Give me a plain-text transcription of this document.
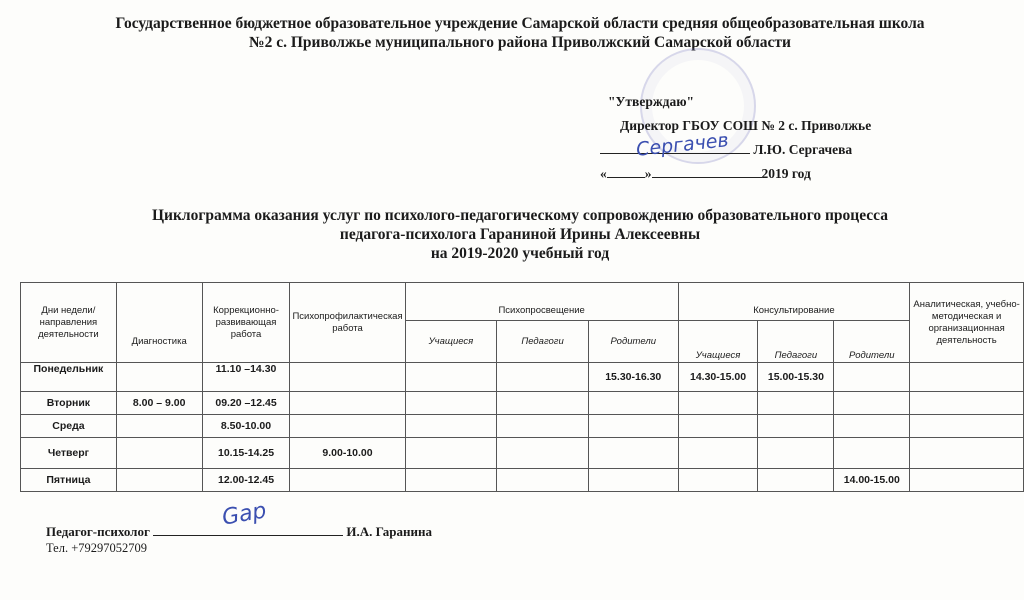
Государственное бюджетное образовательное учреждение Самарской области средняя общеобразовательная школа
№2 с. Приволжье муниципального района Приволжский Самарской области
"Утверждаю"
Директор ГБОУ СОШ № 2 с. Приволжье
Л.Ю. Сергачева
«	»	2019 год
Сергачев
Циклограмма оказания услуг по психолого-педагогическому сопровождению образовательного процесса
педагога-психолога Гараниной Ирины Алексеевны
на 2019-2020 учебный год
Дни недели/направления деятельности	Диагностика	Коррекционно-развивающая работа	Психопрофилактическая работа	Психопросвещение			Консультирование			Аналитическая, учебно-методическая и организационная деятельность
				Учащиеся	Педагоги	Родители	Учащиеся	Педагоги	Родители	
Понедельник		11.10 –14.30				15.30-16.30	14.30-15.00	15.00-15.30		
Вторник	8.00 – 9.00	09.20 –12.45								
Среда		8.50-10.00								
Четверг		10.15-14.25	9.00-10.00							
Пятница		12.00-12.45							14.00-15.00	
Gар
Педагог-психолог	И.А. Гаранина
Тел. +79297052709
